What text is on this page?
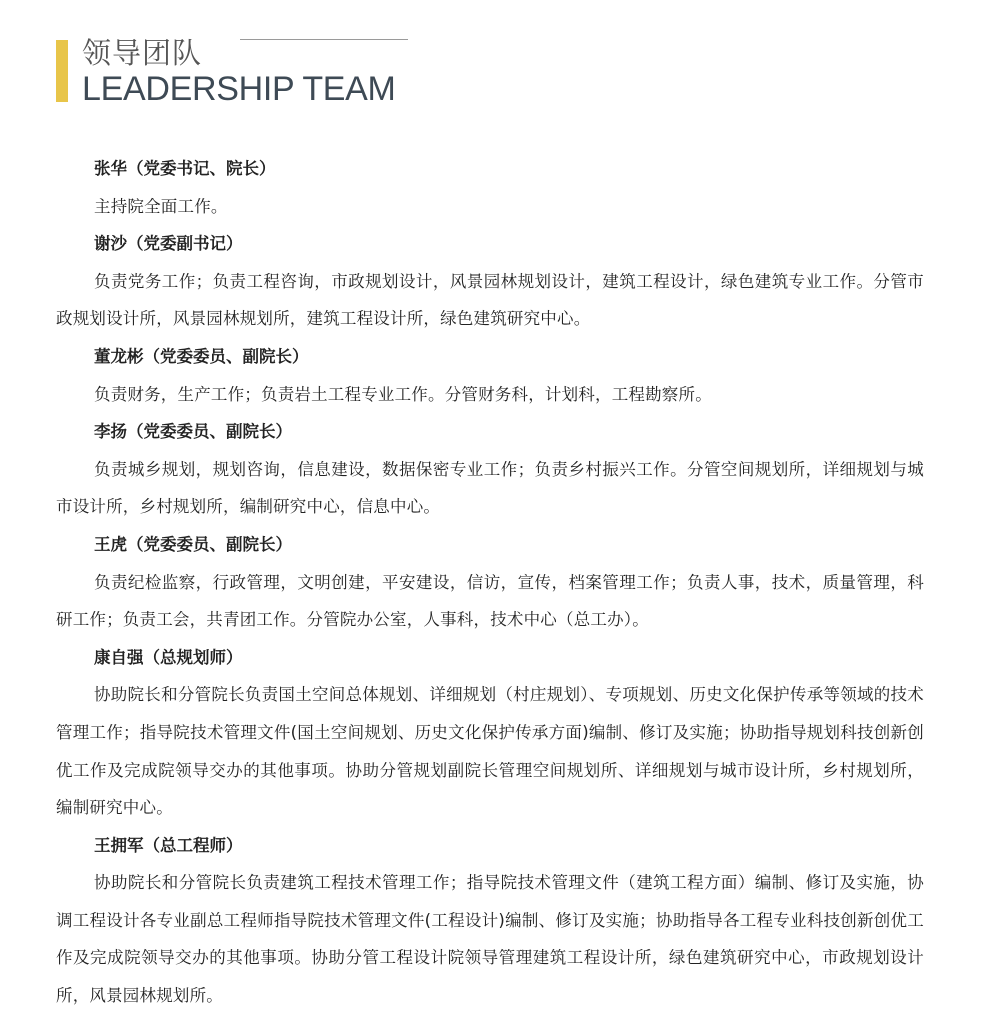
领导团队
LEADERSHIP TEAM

张华（党委书记、院长）

主持院全面工作。

谢沙（党委副书记）

负责党务工作；负责工程咨询，市政规划设计，风景园林规划设计，建筑工程设计，绿色建筑专业工作。分管市政规划设计所，风景园林规划所，建筑工程设计所，绿色建筑研究中心。

董龙彬（党委委员、副院长）

负责财务，生产工作；负责岩土工程专业工作。分管财务科，计划科，工程勘察所。

李扬（党委委员、副院长）

负责城乡规划，规划咨询，信息建设，数据保密专业工作；负责乡村振兴工作。分管空间规划所，详细规划与城市设计所，乡村规划所，编制研究中心，信息中心。

王虎（党委委员、副院长）

负责纪检监察，行政管理，文明创建，平安建设，信访，宣传，档案管理工作；负责人事，技术，质量管理，科研工作；负责工会，共青团工作。分管院办公室，人事科，技术中心（总工办）。

康自强（总规划师）

协助院长和分管院长负责国土空间总体规划、详细规划（村庄规划）、专项规划、历史文化保护传承等领域的技术管理工作；指导院技术管理文件(国土空间规划、历史文化保护传承方面)编制、修订及实施；协助指导规划科技创新创优工作及完成院领导交办的其他事项。协助分管规划副院长管理空间规划所、详细规划与城市设计所，乡村规划所，编制研究中心。

王拥军（总工程师）

协助院长和分管院长负责建筑工程技术管理工作；指导院技术管理文件（建筑工程方面）编制、修订及实施，协调工程设计各专业副总工程师指导院技术管理文件(工程设计)编制、修订及实施；协助指导各工程专业科技创新创优工作及完成院领导交办的其他事项。协助分管工程设计院领导管理建筑工程设计所，绿色建筑研究中心，市政规划设计所，风景园林规划所。
